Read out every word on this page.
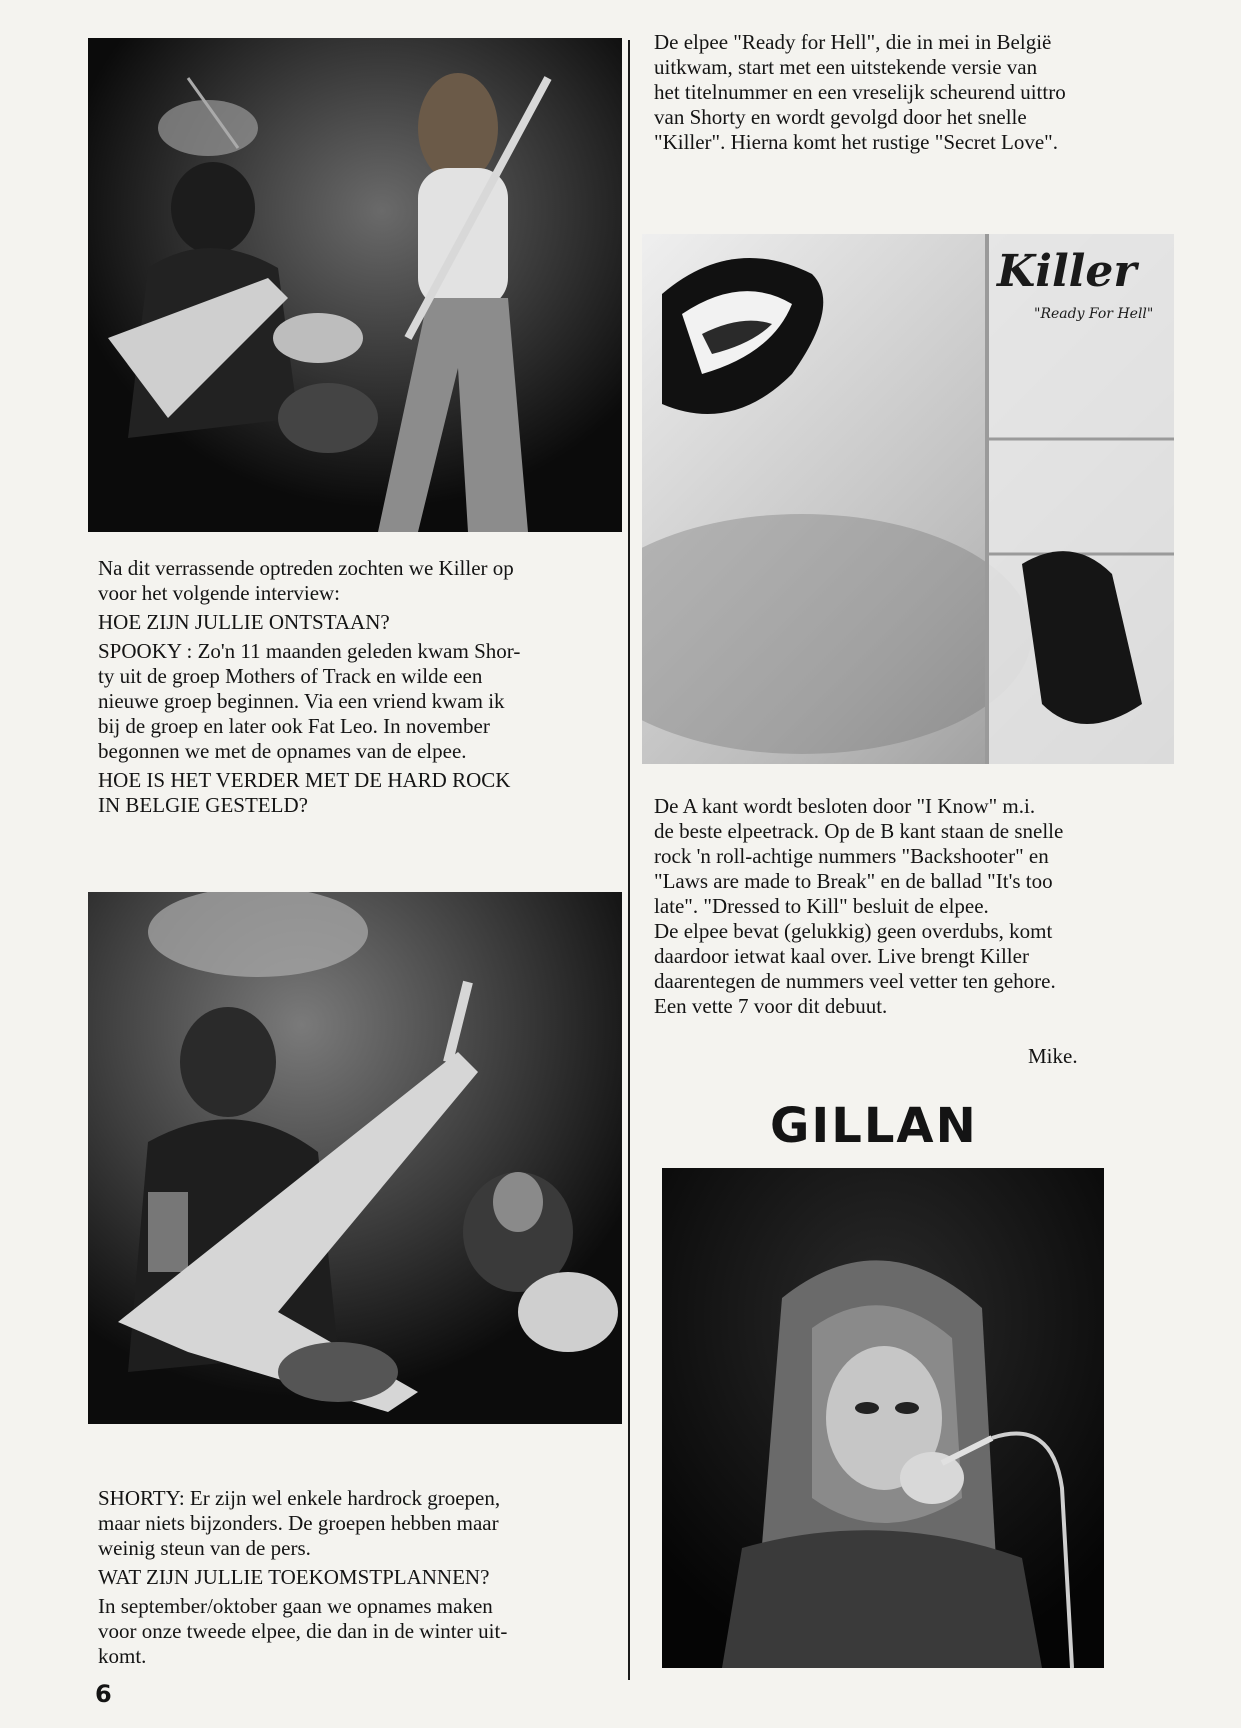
Na dit verrassende optreden zochten we Killer op

voor het volgende interview:

HOE ZIJN JULLIE ONTSTAAN?

SPOOKY : Zo'n 11 maanden geleden kwam Shor-

ty uit de groep Mothers of Track en wilde een

nieuwe groep beginnen. Via een vriend kwam ik

bij de groep en later ook Fat Leo. In november

begonnen we met de opnames van de elpee.

HOE IS HET VERDER MET DE HARD ROCK

IN BELGIE GESTELD?

SHORTY: Er zijn wel enkele hardrock groepen,

maar niets bijzonders. De groepen hebben maar

weinig steun van de pers.

WAT ZIJN JULLIE TOEKOMSTPLANNEN?

In september/oktober gaan we opnames maken

voor onze tweede elpee, die dan in de winter uit-

komt.

6

De elpee "Ready for Hell", die in mei in België

uitkwam, start met een uitstekende versie van

het titelnummer en een vreselijk scheurend uittro

van Shorty en wordt gevolgd door het snelle

"Killer". Hierna komt het rustige "Secret Love".

Killer
"Ready For Hell"

De A kant wordt besloten door "I Know" m.i.

de beste elpeetrack. Op de B kant staan de snelle

rock 'n roll-achtige nummers "Backshooter" en

"Laws are made to Break" en de ballad "It's too

late". "Dressed to Kill" besluit de elpee.

De elpee bevat (gelukkig) geen overdubs, komt

daardoor ietwat kaal over. Live brengt Killer

daarentegen de nummers veel vetter ten gehore.

Een vette 7 voor dit debuut.

Mike.
GILLAN
